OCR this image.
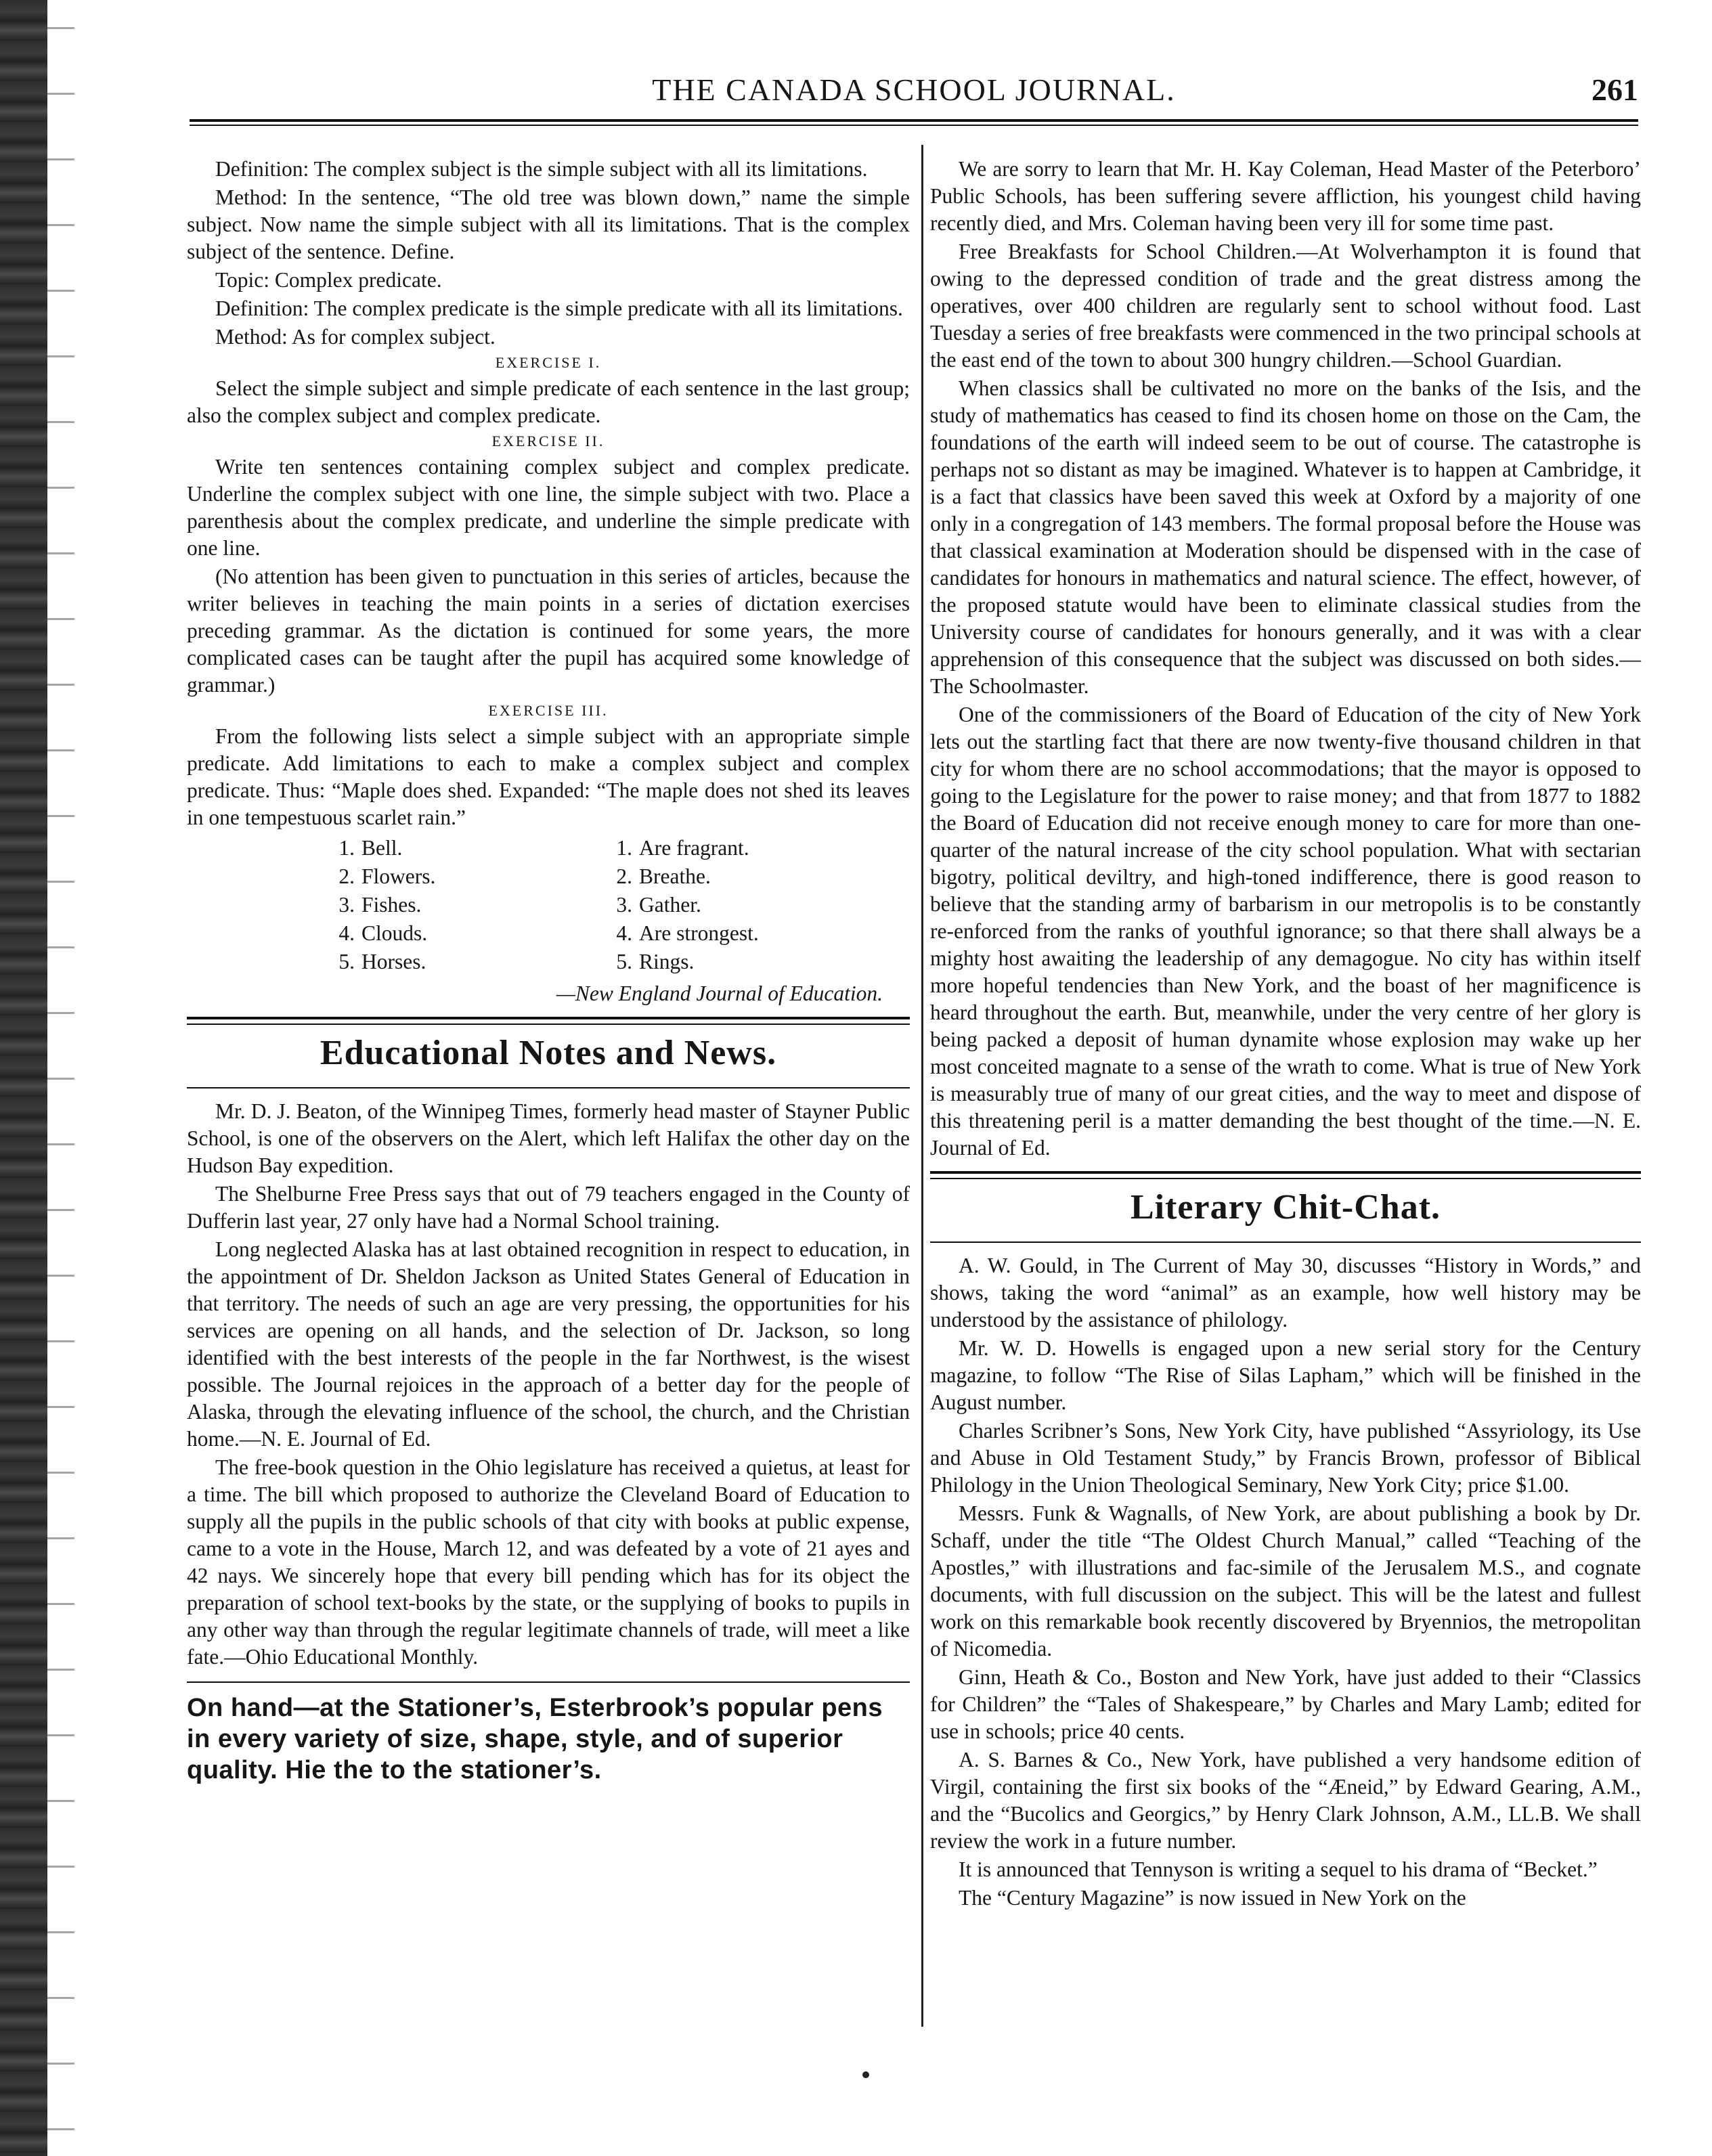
THE CANADA SCHOOL JOURNAL.	261

Definition: The complex subject is the simple subject with all its limitations.

Method: In the sentence, “The old tree was blown down,” name the simple subject. Now name the simple subject with all its limitations. That is the complex subject of the sentence. Define.

Topic: Complex predicate.

Definition: The complex predicate is the simple predicate with all its limitations.

Method: As for complex subject.

EXERCISE I.

Select the simple subject and simple predicate of each sentence in the last group; also the complex subject and complex predicate.

EXERCISE II.

Write ten sentences containing complex subject and complex predicate. Underline the complex subject with one line, the simple subject with two. Place a parenthesis about the complex predicate, and underline the simple predicate with one line.

(No attention has been given to punctuation in this series of articles, because the writer believes in teaching the main points in a series of dictation exercises preceding grammar. As the dictation is continued for some years, the more complicated cases can be taught after the pupil has acquired some knowledge of grammar.)

EXERCISE III.

From the following lists select a simple subject with an appropriate simple predicate. Add limitations to each to make a complex subject and complex predicate. Thus: “Maple does shed. Expanded: “The maple does not shed its leaves in one tempestuous scarlet rain.”

1. Bell.
2. Flowers.
3. Fishes.
4. Clouds.
5. Horses.
1. Are fragrant.
2. Breathe.
3. Gather.
4. Are strongest.
5. Rings.
—New England Journal of Education.
Educational Notes and News.

Mr. D. J. Beaton, of the Winnipeg Times, formerly head master of Stayner Public School, is one of the observers on the Alert, which left Halifax the other day on the Hudson Bay expedition.

The Shelburne Free Press says that out of 79 teachers engaged in the County of Dufferin last year, 27 only have had a Normal School training.

Long neglected Alaska has at last obtained recognition in respect to education, in the appointment of Dr. Sheldon Jackson as United States General of Education in that territory. The needs of such an age are very pressing, the opportunities for his services are opening on all hands, and the selection of Dr. Jackson, so long identified with the best interests of the people in the far Northwest, is the wisest possible. The Journal rejoices in the approach of a better day for the people of Alaska, through the elevating influence of the school, the church, and the Christian home.—N. E. Journal of Ed.

The free-book question in the Ohio legislature has received a quietus, at least for a time. The bill which proposed to authorize the Cleveland Board of Education to supply all the pupils in the public schools of that city with books at public expense, came to a vote in the House, March 12, and was defeated by a vote of 21 ayes and 42 nays. We sincerely hope that every bill pending which has for its object the preparation of school text-books by the state, or the supplying of books to pupils in any other way than through the regular legitimate channels of trade, will meet a like fate.—Ohio Educational Monthly.

On hand—at the Stationer’s, Esterbrook’s popular pens in every variety of size, shape, style, and of superior quality. Hie the to the stationer’s.

We are sorry to learn that Mr. H. Kay Coleman, Head Master of the Peterboro’ Public Schools, has been suffering severe affliction, his youngest child having recently died, and Mrs. Coleman having been very ill for some time past.

Free Breakfasts for School Children.—At Wolverhampton it is found that owing to the depressed condition of trade and the great distress among the operatives, over 400 children are regularly sent to school without food. Last Tuesday a series of free breakfasts were commenced in the two principal schools at the east end of the town to about 300 hungry children.—School Guardian.

When classics shall be cultivated no more on the banks of the Isis, and the study of mathematics has ceased to find its chosen home on those on the Cam, the foundations of the earth will indeed seem to be out of course. The catastrophe is perhaps not so distant as may be imagined. Whatever is to happen at Cambridge, it is a fact that classics have been saved this week at Oxford by a majority of one only in a congregation of 143 members. The formal proposal before the House was that classical examination at Moderation should be dispensed with in the case of candidates for honours in mathematics and natural science. The effect, however, of the proposed statute would have been to eliminate classical studies from the University course of candidates for honours generally, and it was with a clear apprehension of this consequence that the subject was discussed on both sides.—The Schoolmaster.

One of the commissioners of the Board of Education of the city of New York lets out the startling fact that there are now twenty-five thousand children in that city for whom there are no school accommodations; that the mayor is opposed to going to the Legislature for the power to raise money; and that from 1877 to 1882 the Board of Education did not receive enough money to care for more than one-quarter of the natural increase of the city school population. What with sectarian bigotry, political deviltry, and high-toned indifference, there is good reason to believe that the standing army of barbarism in our metropolis is to be constantly re-enforced from the ranks of youthful ignorance; so that there shall always be a mighty host awaiting the leadership of any demagogue. No city has within itself more hopeful tendencies than New York, and the boast of her magnificence is heard throughout the earth. But, meanwhile, under the very centre of her glory is being packed a deposit of human dynamite whose explosion may wake up her most conceited magnate to a sense of the wrath to come. What is true of New York is measurably true of many of our great cities, and the way to meet and dispose of this threatening peril is a matter demanding the best thought of the time.—N. E. Journal of Ed.

Literary Chit-Chat.

A. W. Gould, in The Current of May 30, discusses “History in Words,” and shows, taking the word “animal” as an example, how well history may be understood by the assistance of philology.

Mr. W. D. Howells is engaged upon a new serial story for the Century magazine, to follow “The Rise of Silas Lapham,” which will be finished in the August number.

Charles Scribner’s Sons, New York City, have published “Assyriology, its Use and Abuse in Old Testament Study,” by Francis Brown, professor of Biblical Philology in the Union Theological Seminary, New York City; price $1.00.

Messrs. Funk & Wagnalls, of New York, are about publishing a book by Dr. Schaff, under the title “The Oldest Church Manual,” called “Teaching of the Apostles,” with illustrations and fac-simile of the Jerusalem M.S., and cognate documents, with full discussion on the subject. This will be the latest and fullest work on this remarkable book recently discovered by Bryennios, the metropolitan of Nicomedia.

Ginn, Heath & Co., Boston and New York, have just added to their “Classics for Children” the “Tales of Shakespeare,” by Charles and Mary Lamb; edited for use in schools; price 40 cents.

A. S. Barnes & Co., New York, have published a very handsome edition of Virgil, containing the first six books of the “Æneid,” by Edward Gearing, A.M., and the “Bucolics and Georgics,” by Henry Clark Johnson, A.M., LL.B. We shall review the work in a future number.

It is announced that Tennyson is writing a sequel to his drama of “Becket.”

The “Century Magazine” is now issued in New York on the
